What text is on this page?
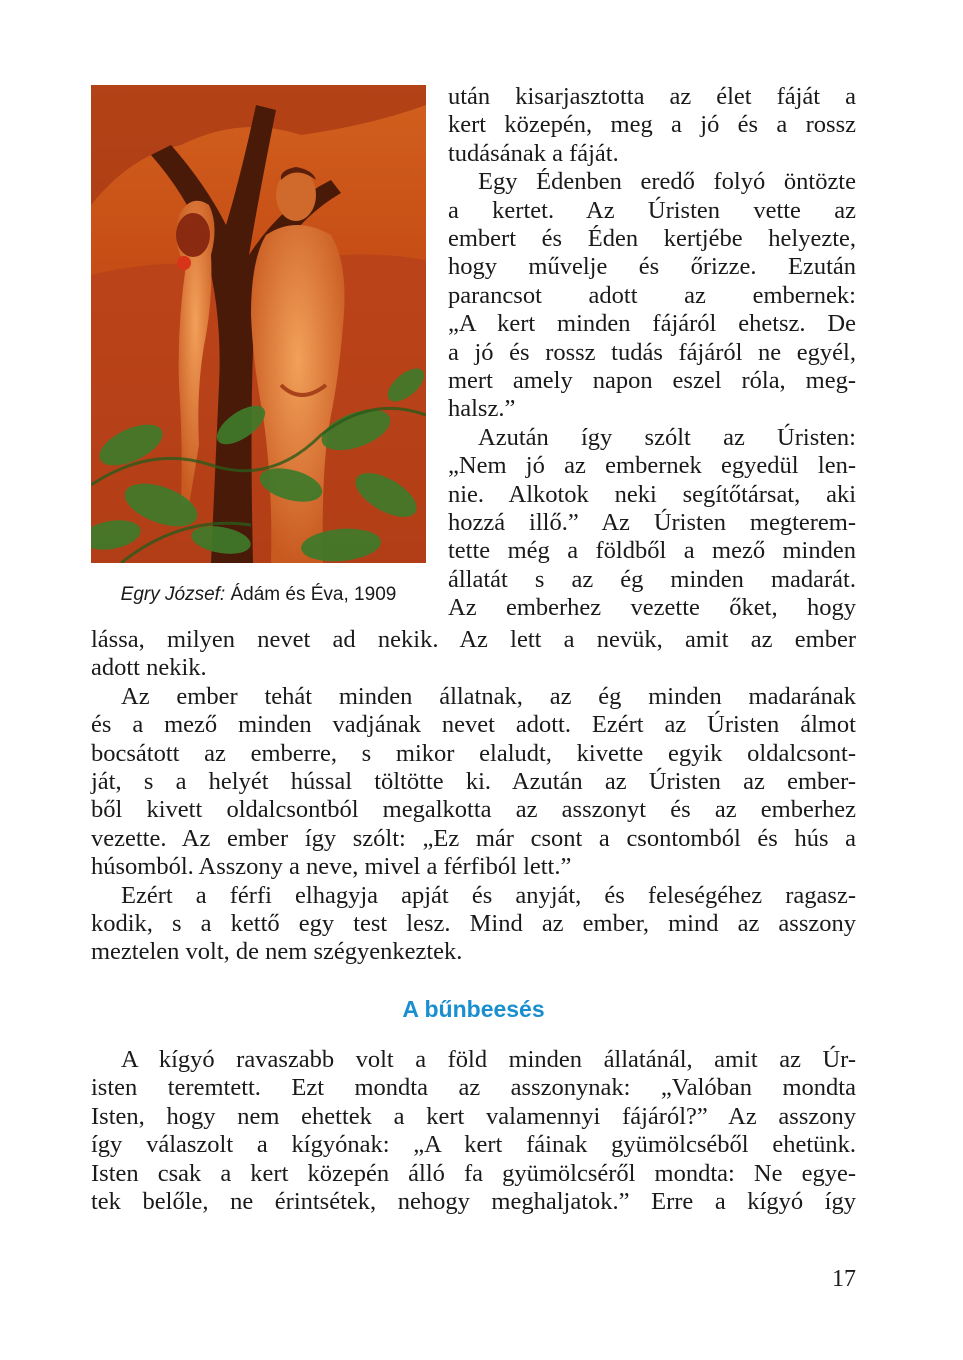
Egry József: Ádám és Éva, 1909
után kisarjasztotta az élet fáját a
kert közepén, meg a jó és a rossz
tudásának a fáját.
Egy Édenben eredő folyó öntözte
a kertet. Az Úristen vette az
embert és Éden kertjébe helyezte,
hogy művelje és őrizze. Ezután
parancsot adott az embernek:
„A kert minden fájáról ehetsz. De
a jó és rossz tudás fájáról ne egyél,
mert amely napon eszel róla, meg-
halsz.”
Azután így szólt az Úristen:
„Nem jó az embernek egyedül len-
nie. Alkotok neki segítőtársat, aki
hozzá illő.” Az Úristen megterem-
tette még a földből a mező minden
állatát s az ég minden madarát.
Az emberhez vezette őket, hogy
lássa, milyen nevet ad nekik. Az lett a nevük, amit az ember
adott nekik.
Az ember tehát minden állatnak, az ég minden madarának
és a mező minden vadjának nevet adott. Ezért az Úristen álmot
bocsátott az emberre, s mikor elaludt, kivette egyik oldalcsont-
ját, s a helyét hússal töltötte ki. Azután az Úristen az ember-
ből kivett oldalcsontból megalkotta az asszonyt és az emberhez
vezette. Az ember így szólt: „Ez már csont a csontomból és hús a
húsomból. Asszony a neve, mivel a férfiból lett.”
Ezért a férfi elhagyja apját és anyját, és feleségéhez ragasz-
kodik, s a kettő egy test lesz. Mind az ember, mind az asszony
meztelen volt, de nem szégyenkeztek.
A bűnbeesés
A kígyó ravaszabb volt a föld minden állatánál, amit az Úr-
isten teremtett. Ezt mondta az asszonynak: „Valóban mondta
Isten, hogy nem ehettek a kert valamennyi fájáról?” Az asszony
így válaszolt a kígyónak: „A kert fáinak gyümölcséből ehetünk.
Isten csak a kert közepén álló fa gyümölcséről mondta: Ne egye-
tek belőle, ne érintsétek, nehogy meghaljatok.” Erre a kígyó így
17
